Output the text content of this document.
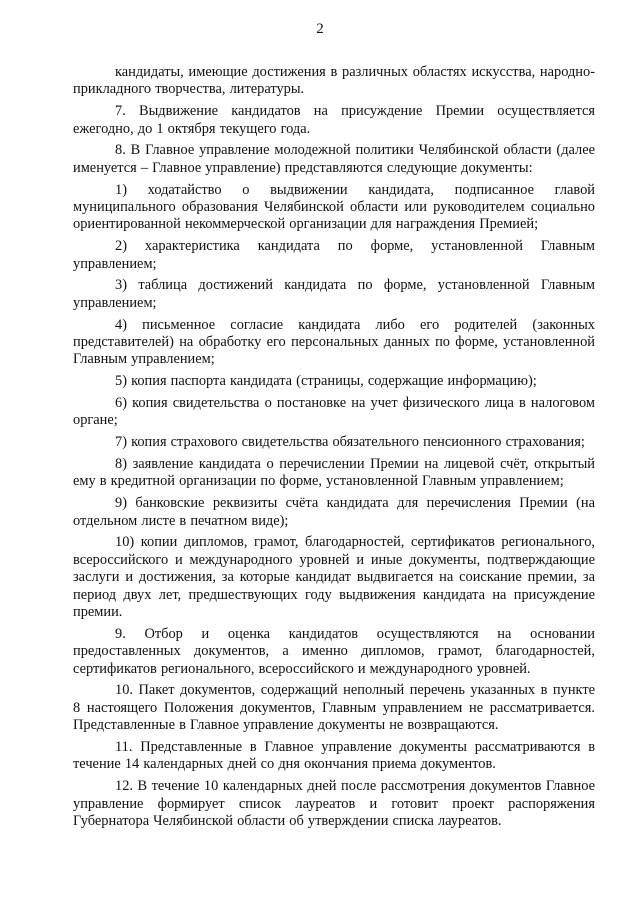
2

кандидаты, имеющие достижения в различных областях искусства, народно-прикладного творчества, литературы.

7. Выдвижение кандидатов на присуждение Премии осуществляется ежегодно, до 1 октября текущего года.

8. В Главное управление молодежной политики Челябинской области (далее именуется – Главное управление) представляются следующие документы:

1) ходатайство о выдвижении кандидата, подписанное главой муниципального образования Челябинской области или руководителем социально ориентированной некоммерческой организации для награждения Премией;

2) характеристика кандидата по форме, установленной Главным управлением;

3) таблица достижений кандидата по форме, установленной Главным управлением;

4) письменное согласие кандидата либо его родителей (законных представителей) на обработку его персональных данных по форме, установленной Главным управлением;

5) копия паспорта кандидата (страницы, содержащие информацию);

6) копия свидетельства о постановке на учет физического лица в налоговом органе;

7) копия страхового свидетельства обязательного пенсионного страхования;

8) заявление кандидата о перечислении Премии на лицевой счёт, открытый ему в кредитной организации по форме, установленной Главным управлением;

9) банковские реквизиты счёта кандидата для перечисления Премии (на отдельном листе в печатном виде);

10) копии дипломов, грамот, благодарностей, сертификатов регионального, всероссийского и международного уровней и иные документы, подтверждающие заслуги и достижения, за которые кандидат выдвигается на соискание премии, за период двух лет, предшествующих году выдвижения кандидата на присуждение премии.

9. Отбор и оценка кандидатов осуществляются на основании предоставленных документов, а именно дипломов, грамот, благодарностей, сертификатов регионального, всероссийского и международного уровней.

10. Пакет документов, содержащий неполный перечень указанных в пункте 8 настоящего Положения документов, Главным управлением не рассматривается. Представленные в Главное управление документы не возвращаются.

11. Представленные в Главное управление документы рассматриваются в течение 14 календарных дней со дня окончания приема документов.

12. В течение 10 календарных дней после рассмотрения документов Главное управление формирует список лауреатов и готовит проект распоряжения Губернатора Челябинской области об утверждении списка лауреатов.
